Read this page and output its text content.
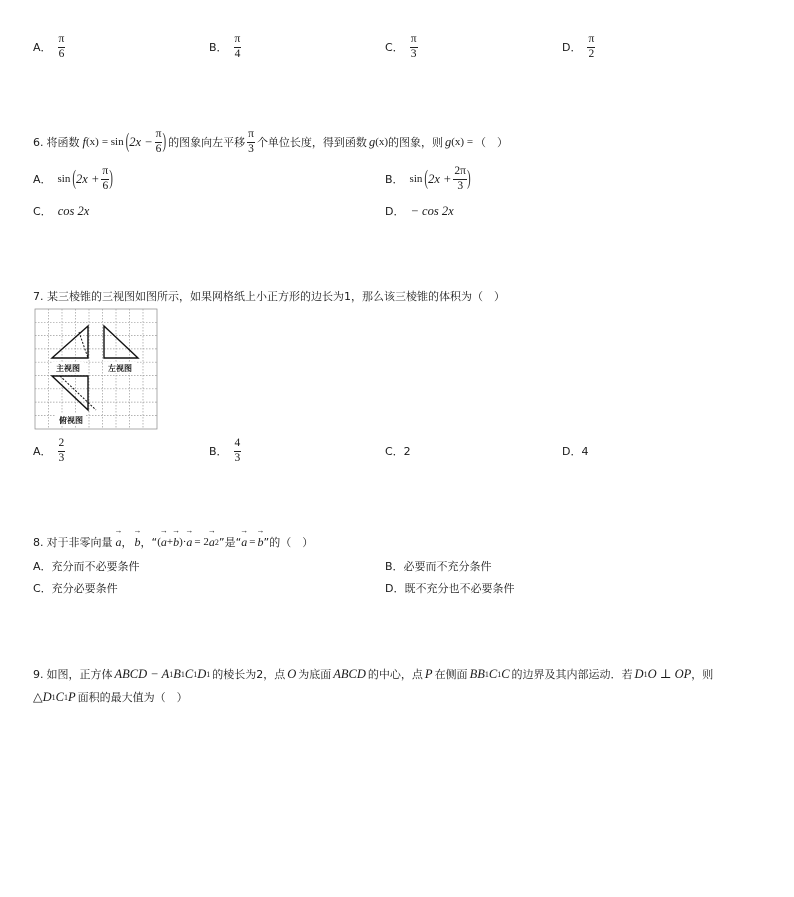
A． $\frac{\pi}{6}$	B． $\frac{\pi}{4}$	C． $\frac{\pi}{3}$	D． $\frac{\pi}{2}$
6. 将函数 f (x) = sin ( $2x - \frac{\pi}{6}$ ) 的图象向左平移 $\frac{\pi}{3}$ 个单位长度，得到函数 g (x) 的图象，则 g (x) = （　）
A． sin ( $2x + \frac{\pi}{6}$ )	B． sin ( $2x + \frac{2\pi}{3}$ )
C． cos 2x	D． − cos 2x
7. 某三棱锥的三视图如图所示，如果网格纸上小正方形的边长为1，那么该三棱锥的体积为（　）
主视图	左视图
俯视图
A． $\frac{2}{3}$	B． $\frac{4}{3}$	C．2	D．4
8. 对于非零向量 → a ， → b ，“ ( → a + → b )· → a = 2 → a 2 ”是“ → a = → b ”的（　）
A．充分而不必要条件	B．必要而不充分条件
C．充分必要条件	D．既不充分也不必要条件
9. 如图，正方体 ABCD − A 1 B 1 C 1 D 1 的棱长为2，点 O 为底面 ABCD 的中心，点 P 在侧面 BB 1 C 1 C 的边界及其内部运动．若 D 1 O ⊥ OP ，则
△D 1 C 1 P 面积的最大值为（　）
